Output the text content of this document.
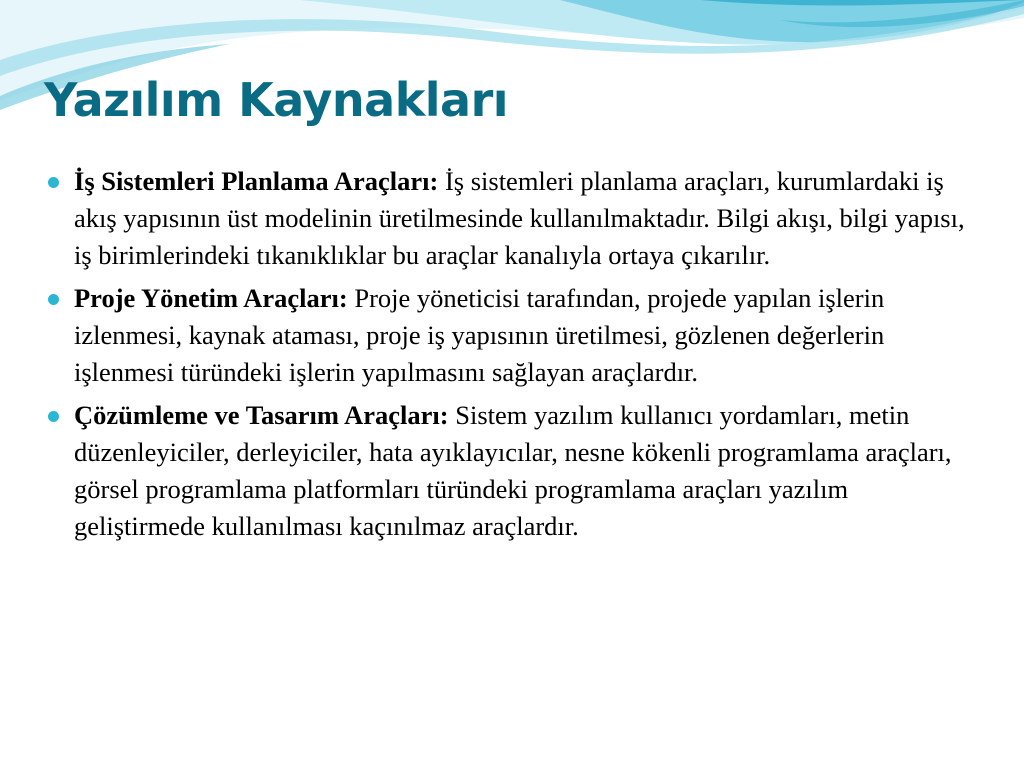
Yazılım Kaynakları
İş Sistemleri Planlama Araçları: İş sistemleri planlama araçları, kurumlardaki iş akış yapısının üst modelinin üretilmesinde kullanılmaktadır. Bilgi akışı, bilgi yapısı, iş birimlerindeki tıkanıklıklar bu araçlar kanalıyla ortaya çıkarılır.
Proje Yönetim Araçları: Proje yöneticisi tarafından, projede yapılan işlerin izlenmesi, kaynak ataması, proje iş yapısının üretilmesi, gözlenen değerlerin işlenmesi türündeki işlerin yapılmasını sağlayan araçlardır.
Çözümleme ve Tasarım Araçları: Sistem yazılım kullanıcı yordamları, metin düzenleyiciler, derleyiciler, hata ayıklayıcılar, nesne kökenli programlama araçları, görsel programlama platformları türündeki programlama araçları yazılım geliştirmede kullanılması kaçınılmaz araçlardır.
